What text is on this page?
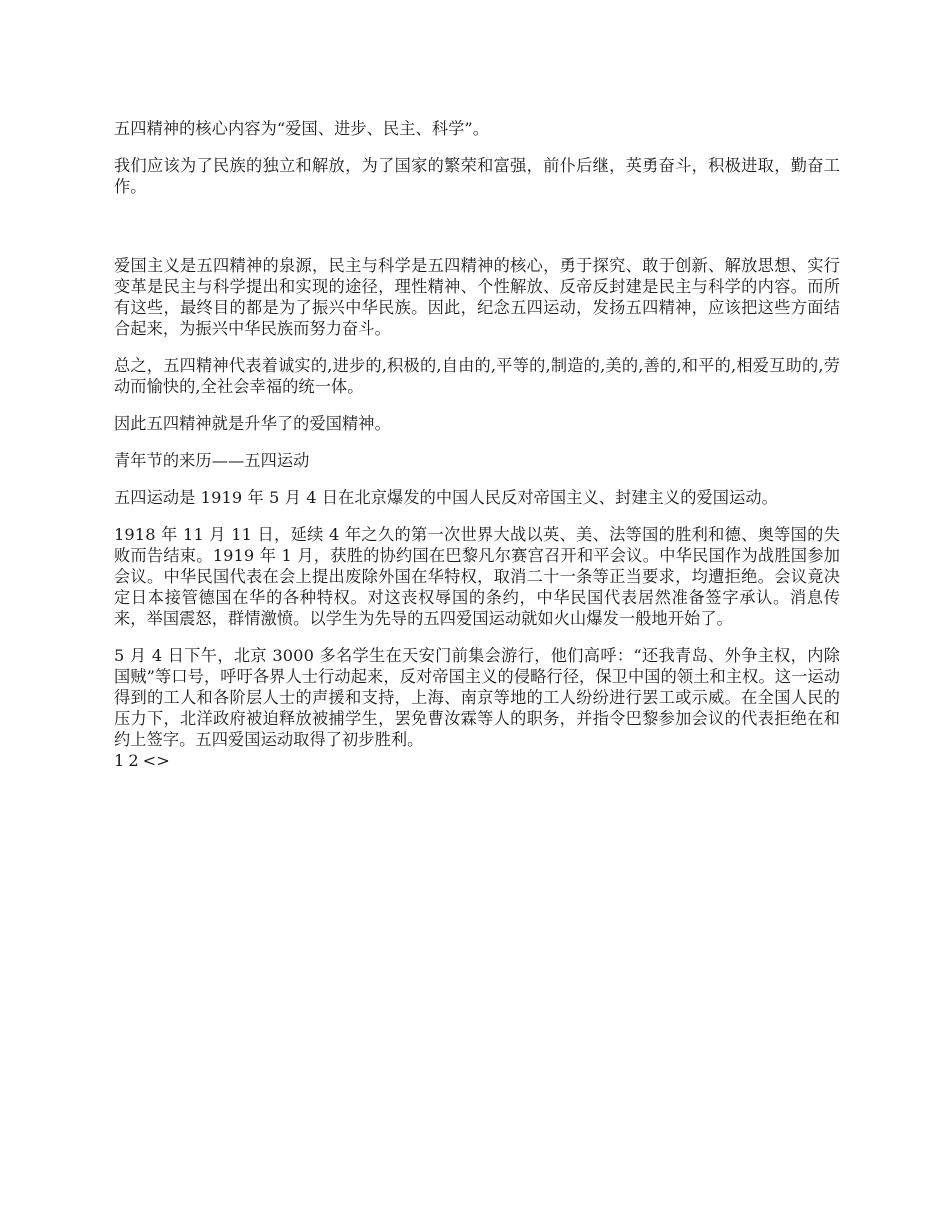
五四精神的核心内容为“爱国、进步、民主、科学”。

我们应该为了民族的独立和解放，为了国家的繁荣和富强，前仆后继，英勇奋斗，积极进取，勤奋工作。

爱国主义是五四精神的泉源，民主与科学是五四精神的核心，勇于探究、敢于创新、解放思想、实行变革是民主与科学提出和实现的途径，理性精神、个性解放、反帝反封建是民主与科学的内容。而所有这些，最终目的都是为了振兴中华民族。因此，纪念五四运动，发扬五四精神，应该把这些方面结合起来，为振兴中华民族而努力奋斗。

总之，五四精神代表着诚实的,进步的,积极的,自由的,平等的,制造的,美的,善的,和平的,相爱互助的,劳动而愉快的,全社会幸福的统一体。

因此五四精神就是升华了的爱国精神。

青年节的来历——五四运动

五四运动是 1919 年 5 月 4 日在北京爆发的中国人民反对帝国主义、封建主义的爱国运动。

1918 年 11 月 11 日，延续 4 年之久的第一次世界大战以英、美、法等国的胜利和德、奥等国的失败而告结束。1919 年 1 月，获胜的协约国在巴黎凡尔赛宫召开和平会议。中华民国作为战胜国参加会议。中华民国代表在会上提出废除外国在华特权，取消二十一条等正当要求，均遭拒绝。会议竟决定日本接管德国在华的各种特权。对这丧权辱国的条约，中华民国代表居然准备签字承认。消息传来，举国震怒，群情激愤。以学生为先导的五四爱国运动就如火山爆发一般地开始了。

5 月 4 日下午，北京 3000 多名学生在天安门前集会游行，他们高呼：“还我青岛、外争主权，内除国贼”等口号，呼吁各界人士行动起来，反对帝国主义的侵略行径，保卫中国的领土和主权。这一运动得到的工人和各阶层人士的声援和支持，上海、南京等地的工人纷纷进行罢工或示威。在全国人民的压力下，北洋政府被迫释放被捕学生，罢免曹汝霖等人的职务，并指令巴黎参加会议的代表拒绝在和约上签字。五四爱国运动取得了初步胜利。

1 2 <>
